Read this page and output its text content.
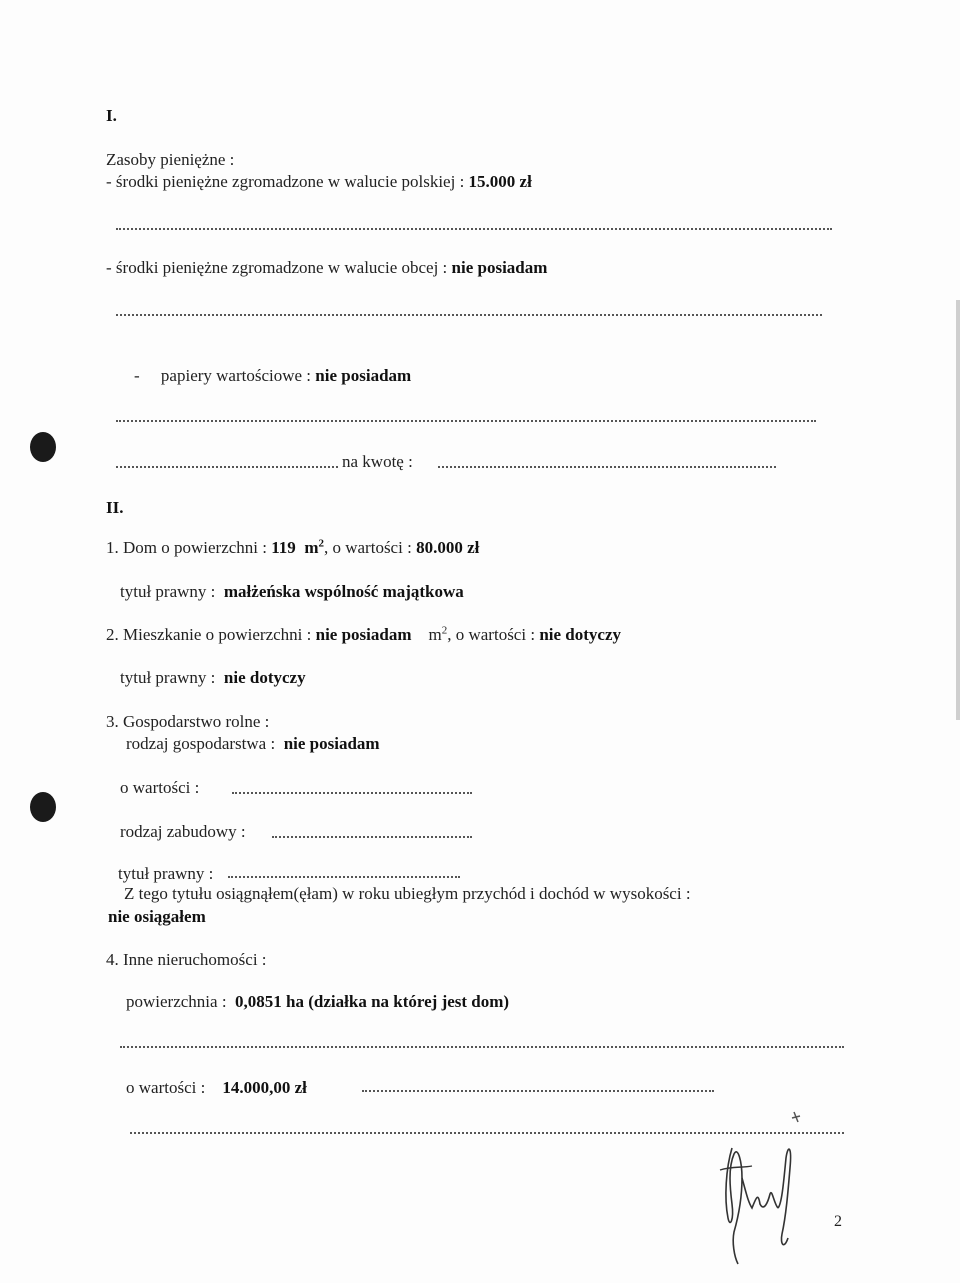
I.
Zasoby pieniężne :
- środki pieniężne zgromadzone w walucie polskiej : 15.000 zł
- środki pieniężne zgromadzone w walucie obcej : nie posiadam
- papiery wartościowe : nie posiadam
na kwotę :
II.
1. Dom o powierzchni : 119 $m^2$, o wartości : 80.000 zł
tytuł prawny : małżeńska wspólność majątkowa
2. Mieszkanie o powierzchni : nie posiadam $m^2$, o wartości : nie dotyczy
tytuł prawny : nie dotyczy
3. Gospodarstwo rolne :
rodzaj gospodarstwa : nie posiadam
o wartości :
rodzaj zabudowy :
tytuł prawny :
Z tego tytułu osiągnąłem(ęłam) w roku ubiegłym przychód i dochód w wysokości :
nie osiągałem
4. Inne nieruchomości :
powierzchnia : 0,0851 ha (działka na której jest dom)
o wartości : 14.000,00 zł
2
